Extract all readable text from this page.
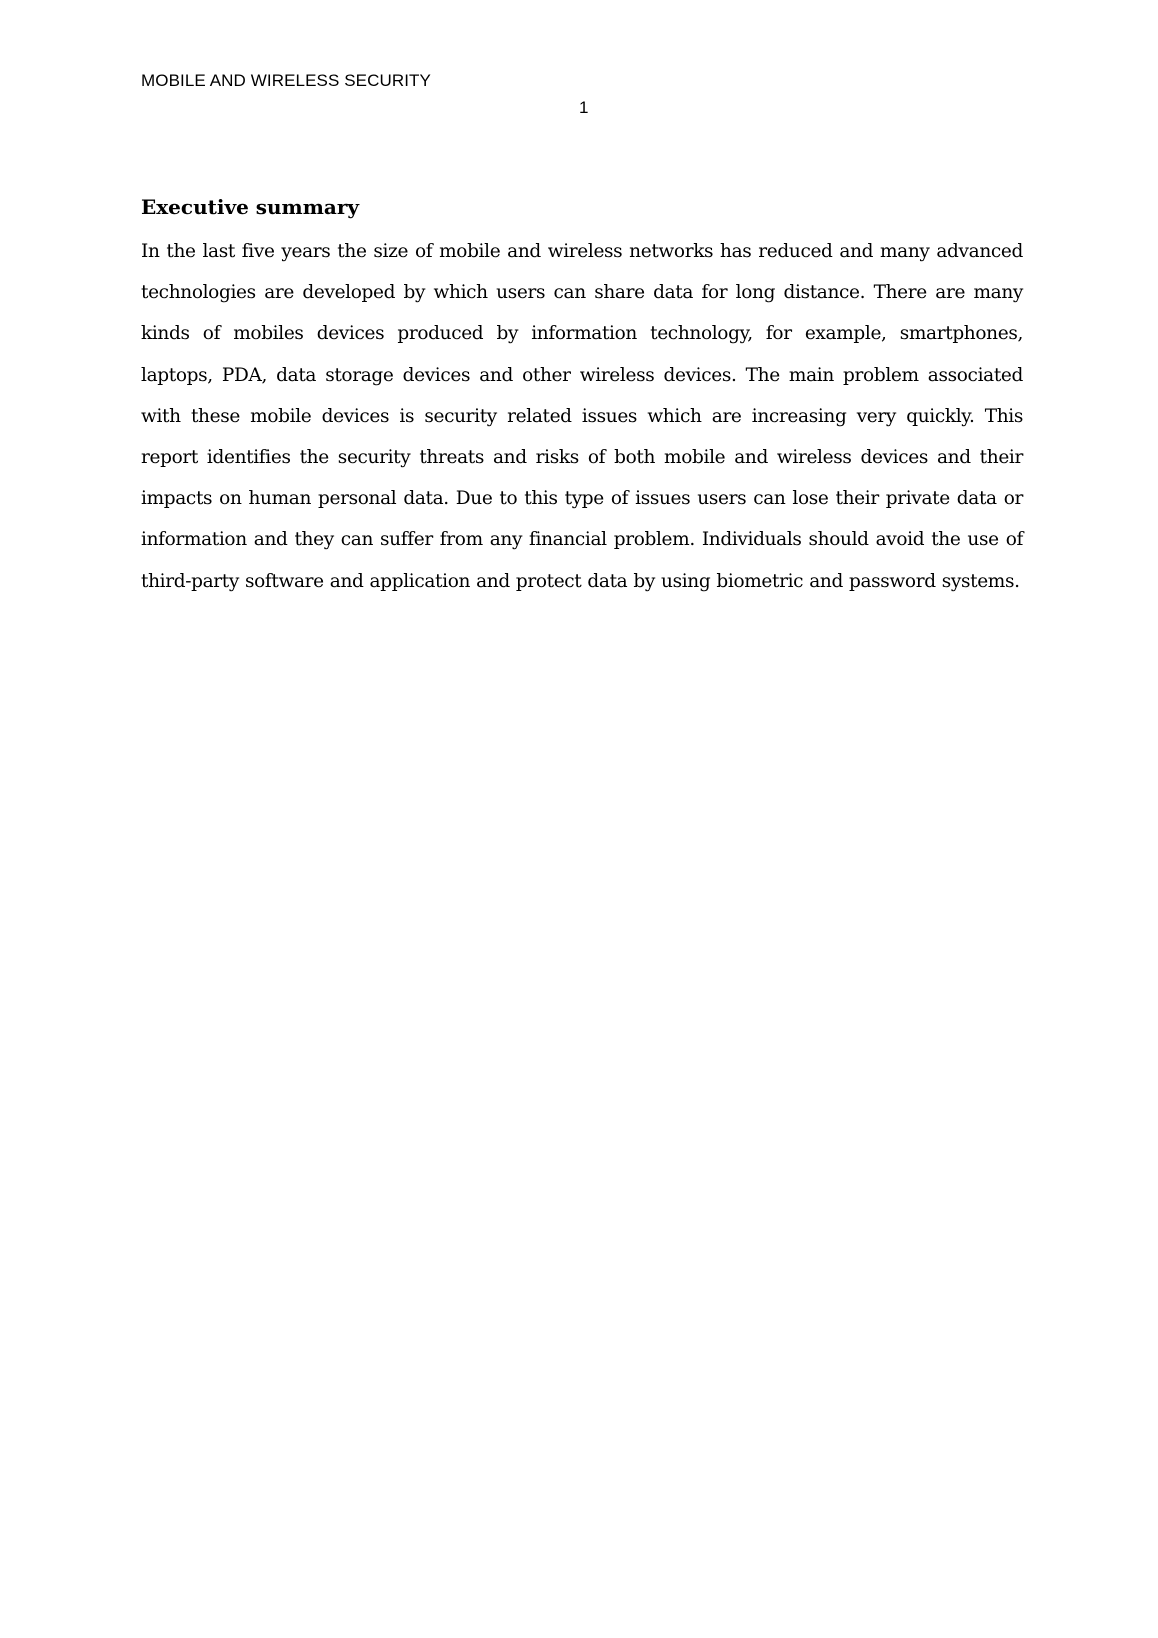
MOBILE AND WIRELESS SECURITY
1
Executive summary

In the last five years the size of mobile and wireless networks has reduced and many advanced technologies are developed by which users can share data for long distance. There are many kinds of mobiles devices produced by information technology, for example, smartphones, laptops, PDA, data storage devices and other wireless devices. The main problem associated with these mobile devices is security related issues which are increasing very quickly. This report identifies the security threats and risks of both mobile and wireless devices and their impacts on human personal data. Due to this type of issues users can lose their private data or information and they can suffer from any financial problem. Individuals should avoid the use of third-party software and application and protect data by using biometric and password systems.
